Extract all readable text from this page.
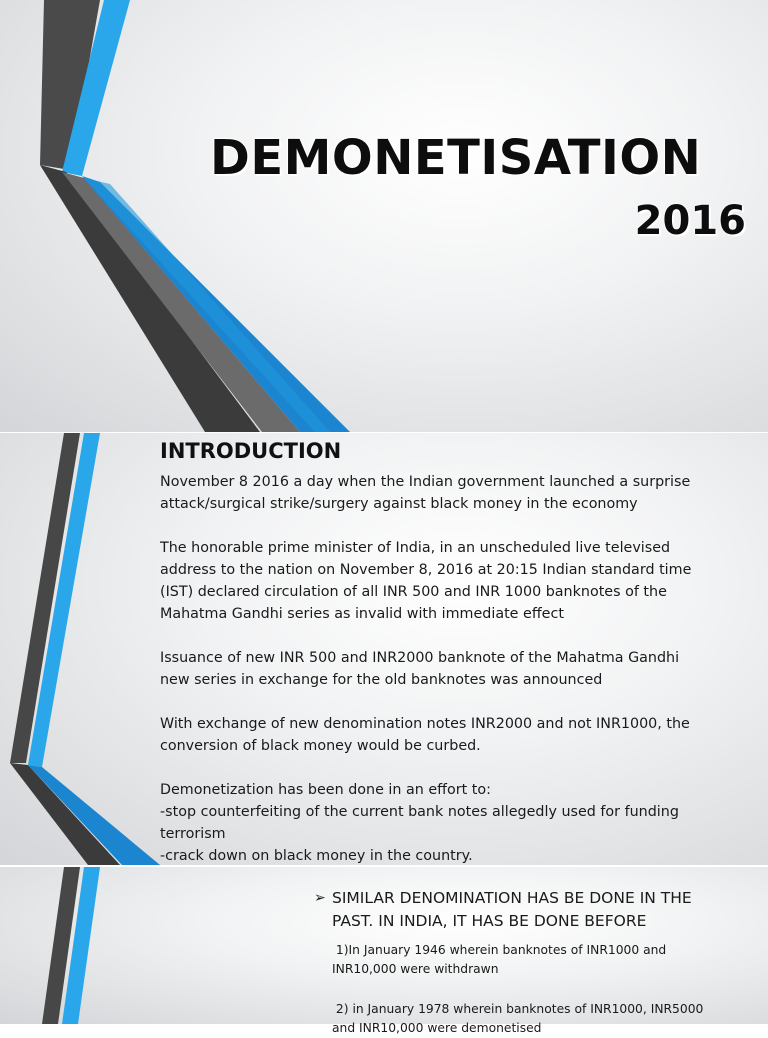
DEMONETISATION
2016
INTRODUCTION

November 8 2016 a day when the Indian government launched a surprise
attack/surgical strike/surgery against black money in the economy

The honorable prime minister of India, in an unscheduled live televised
address to the nation on November 8, 2016 at 20:15 Indian standard time
(IST) declared circulation of all INR 500 and INR 1000 banknotes of the
Mahatma Gandhi series as invalid with immediate effect

Issuance of new INR 500 and INR2000 banknote of the Mahatma Gandhi
new series in exchange for the old banknotes was announced

With exchange of new denomination notes INR2000 and not INR1000, the
conversion of black money would be curbed.

Demonetization has been done in an effort to:
-stop counterfeiting of the current bank notes allegedly used for funding
terrorism
-crack down on black money in the country.

➢ SIMILAR DENOMINATION HAS BE DONE IN THE
PAST. IN INDIA, IT HAS BE DONE BEFORE
1)In January 1946 wherein banknotes of INR1000 and
INR10,000 were withdrawn
2) in January 1978 wherein banknotes of INR1000, INR5000
and INR10,000 were demonetised
